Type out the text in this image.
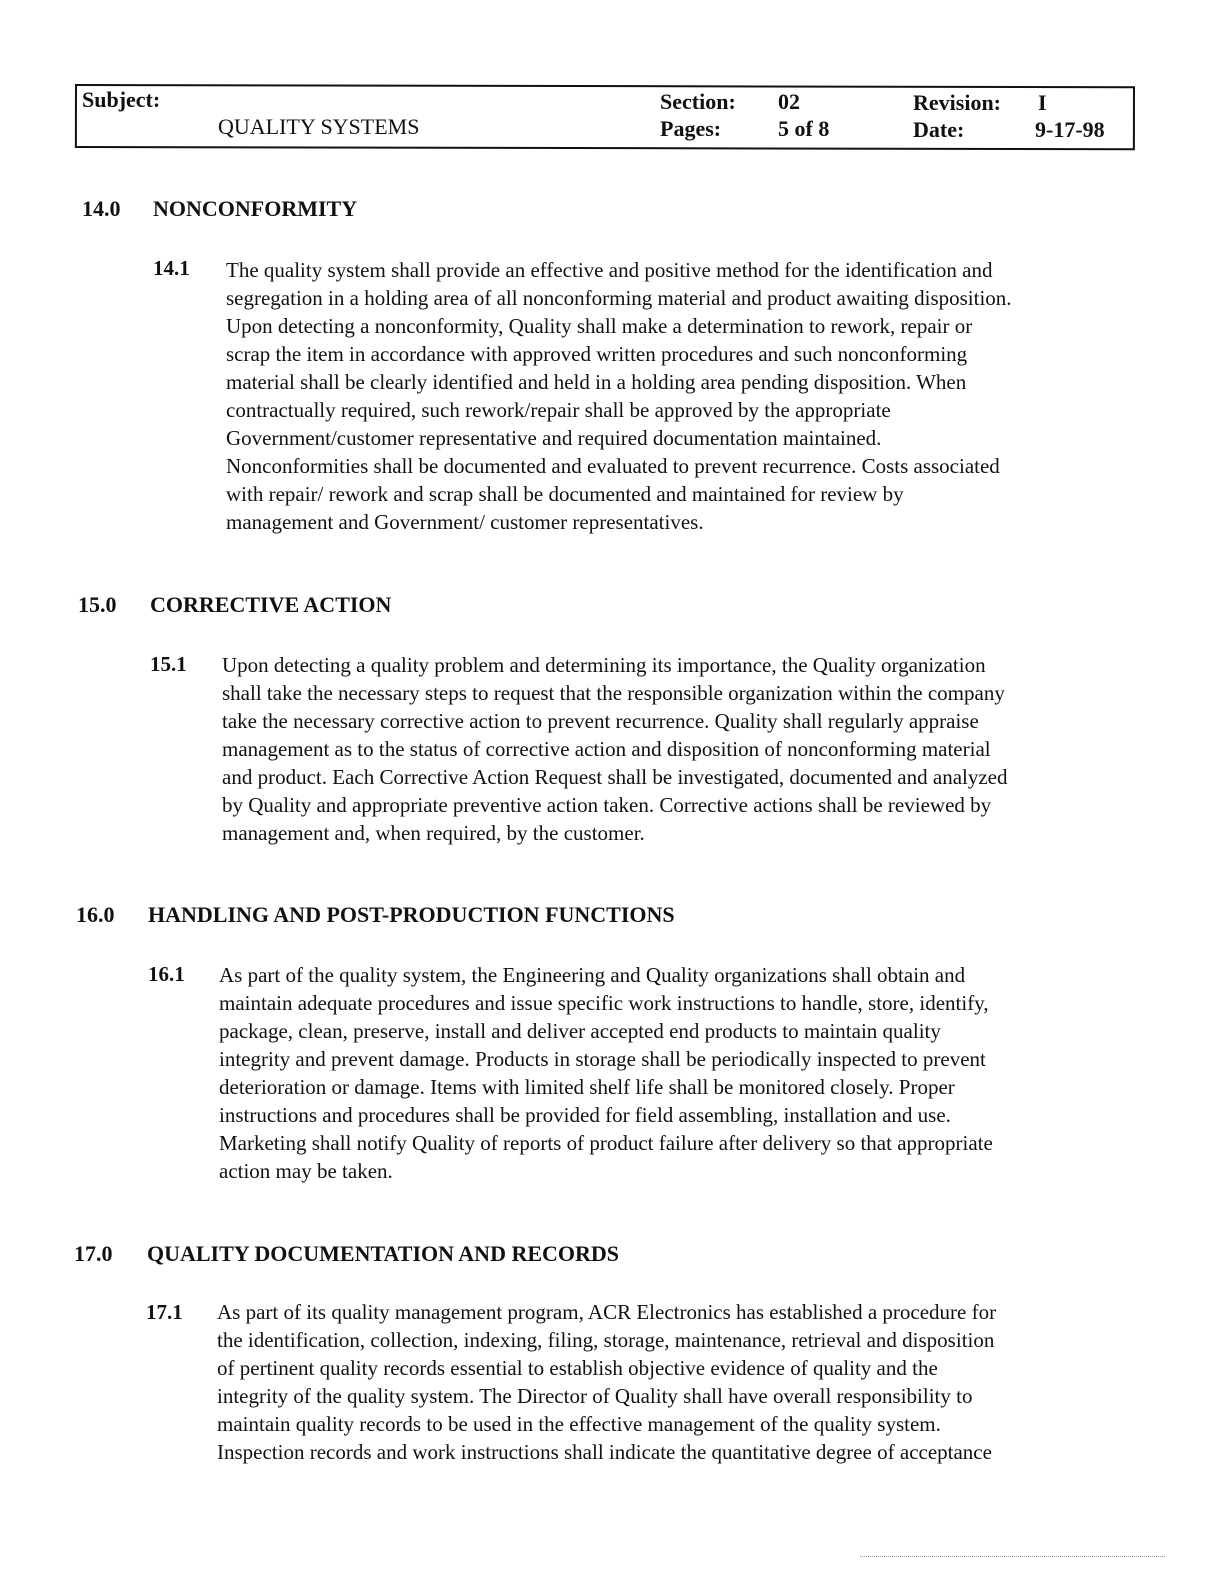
Subject:
QUALITY SYSTEMS
Section: 02
Pages:	5 of 8
Revision: I
Date:	9-17-98
14.0 NONCONFORMITY
14.1 The quality system shall provide an effective and positive method for the identification and
segregation in a holding area of all nonconforming material and product awaiting disposition.
Upon detecting a nonconformity, Quality shall make a determination to rework, repair or
scrap the item in accordance with approved written procedures and such nonconforming
material shall be clearly identified and held in a holding area pending disposition. When
contractually required, such rework/repair shall be approved by the appropriate
Government/customer representative and required documentation maintained.
Nonconformities shall be documented and evaluated to prevent recurrence. Costs associated
with repair/ rework and scrap shall be documented and maintained for review by
management and Government/ customer representatives.
15.0 CORRECTIVE ACTION
15.1 Upon detecting a quality problem and determining its importance, the Quality organization
shall take the necessary steps to request that the responsible organization within the company
take the necessary corrective action to prevent recurrence. Quality shall regularly appraise
management as to the status of corrective action and disposition of nonconforming material
and product. Each Corrective Action Request shall be investigated, documented and analyzed
by Quality and appropriate preventive action taken. Corrective actions shall be reviewed by
management and, when required, by the customer.
16.0 HANDLING AND POST-PRODUCTION FUNCTIONS
16.1 As part of the quality system, the Engineering and Quality organizations shall obtain and
maintain adequate procedures and issue specific work instructions to handle, store, identify,
package, clean, preserve, install and deliver accepted end products to maintain quality
integrity and prevent damage. Products in storage shall be periodically inspected to prevent
deterioration or damage. Items with limited shelf life shall be monitored closely. Proper
instructions and procedures shall be provided for field assembling, installation and use.
Marketing shall notify Quality of reports of product failure after delivery so that appropriate
action may be taken.
17.0 QUALITY DOCUMENTATION AND RECORDS
17.1 As part of its quality management program, ACR Electronics has established a procedure for
the identification, collection, indexing, filing, storage, maintenance, retrieval and disposition
of pertinent quality records essential to establish objective evidence of quality and the
integrity of the quality system. The Director of Quality shall have overall responsibility to
maintain quality records to be used in the effective management of the quality system.
Inspection records and work instructions shall indicate the quantitative degree of acceptance
